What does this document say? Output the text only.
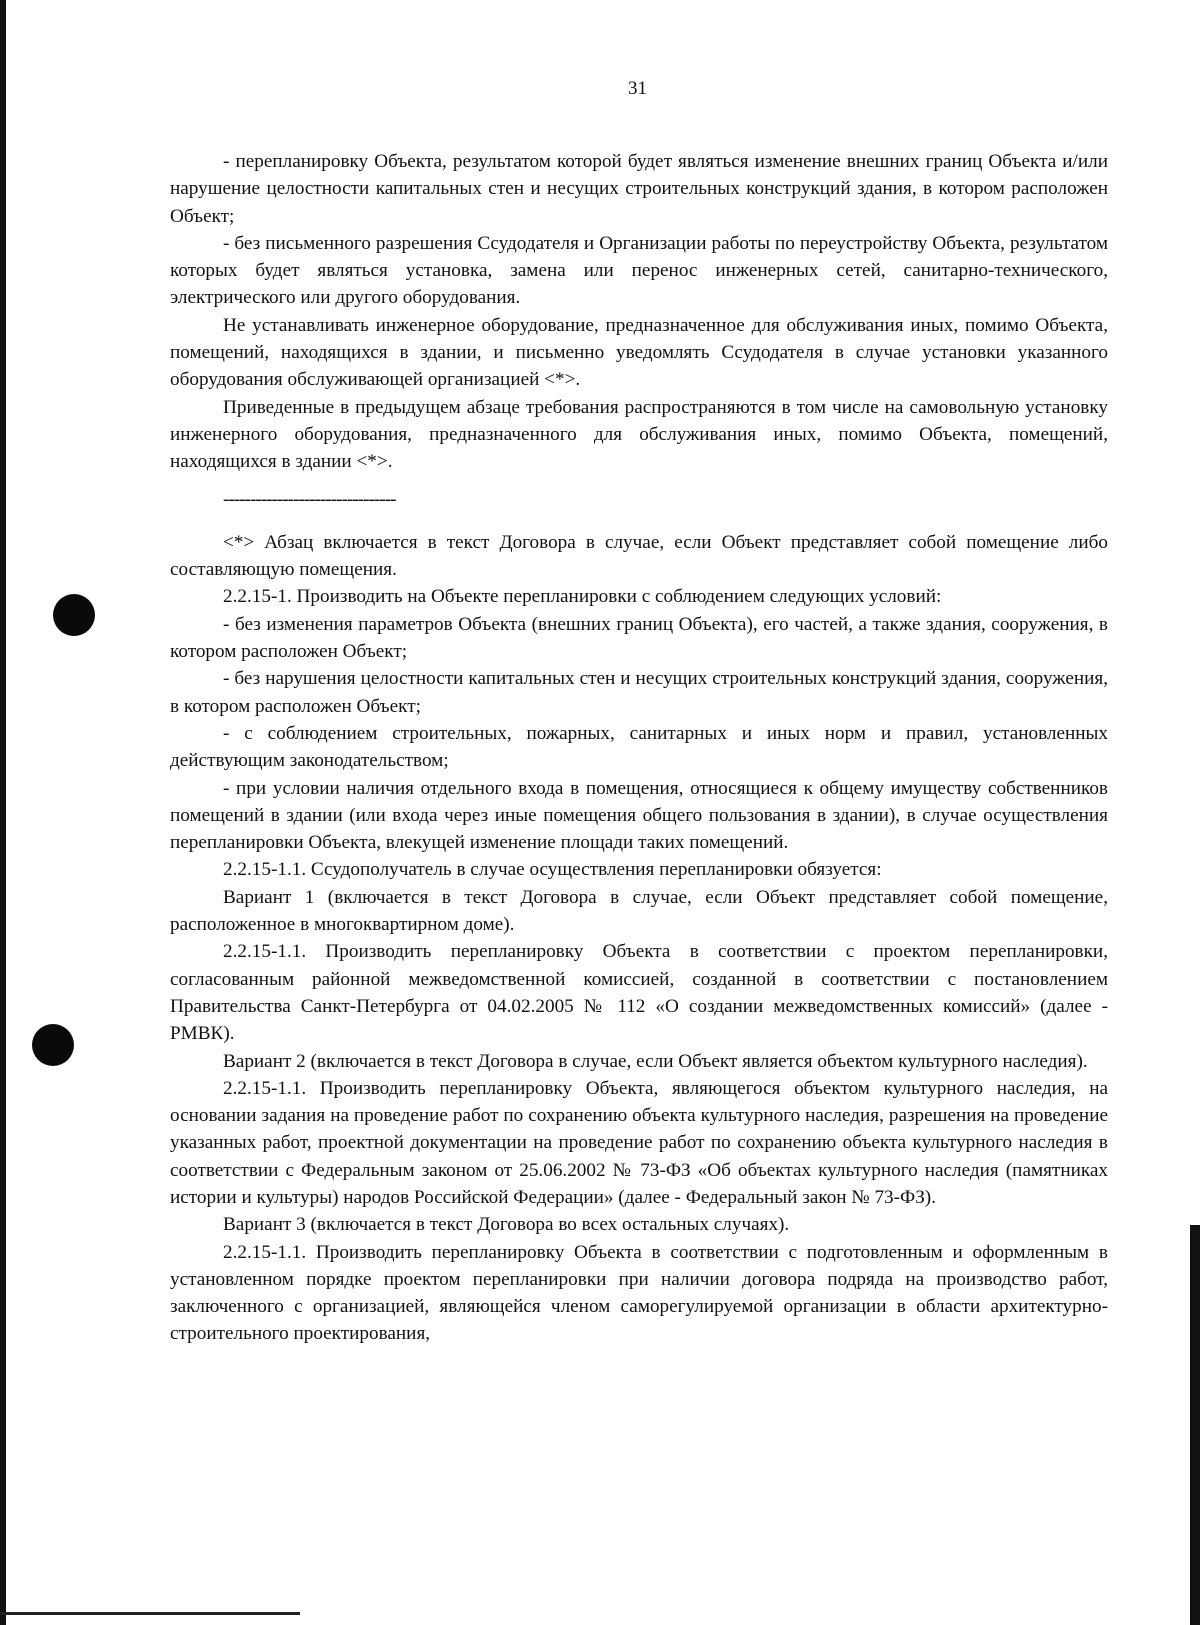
31

- перепланировку Объекта, результатом которой будет являться изменение внешних границ Объекта и/или нарушение целостности капитальных стен и несущих строительных конструкций здания, в котором расположен Объект;

- без письменного разрешения Ссудодателя и Организации работы по переустройству Объекта, результатом которых будет являться установка, замена или перенос инженерных сетей, санитарно-технического, электрического или другого оборудования.

Не устанавливать инженерное оборудование, предназначенное для обслуживания иных, помимо Объекта, помещений, находящихся в здании, и письменно уведомлять Ссудодателя в случае установки указанного оборудования обслуживающей организацией <*>.

Приведенные в предыдущем абзаце требования распространяются в том числе на самовольную установку инженерного оборудования, предназначенного для обслуживания иных, помимо Объекта, помещений, находящихся в здании <*>.

--------------------------------

<*> Абзац включается в текст Договора в случае, если Объект представляет собой помещение либо составляющую помещения.

2.2.15-1. Производить на Объекте перепланировки с соблюдением следующих условий:

- без изменения параметров Объекта (внешних границ Объекта), его частей, а также здания, сооружения, в котором расположен Объект;

- без нарушения целостности капитальных стен и несущих строительных конструкций здания, сооружения, в котором расположен Объект;

- с соблюдением строительных, пожарных, санитарных и иных норм и правил, установленных действующим законодательством;

- при условии наличия отдельного входа в помещения, относящиеся к общему имуществу собственников помещений в здании (или входа через иные помещения общего пользования в здании), в случае осуществления перепланировки Объекта, влекущей изменение площади таких помещений.

2.2.15-1.1. Ссудополучатель в случае осуществления перепланировки обязуется:

Вариант 1 (включается в текст Договора в случае, если Объект представляет собой помещение, расположенное в многоквартирном доме).

2.2.15-1.1. Производить перепланировку Объекта в соответствии с проектом перепланировки, согласованным районной межведомственной комиссией, созданной в соответствии с постановлением Правительства Санкт-Петербурга от 04.02.2005 № 112 «О создании межведомственных комиссий» (далее - РМВК).

Вариант 2 (включается в текст Договора в случае, если Объект является объектом культурного наследия).

2.2.15-1.1. Производить перепланировку Объекта, являющегося объектом культурного наследия, на основании задания на проведение работ по сохранению объекта культурного наследия, разрешения на проведение указанных работ, проектной документации на проведение работ по сохранению объекта культурного наследия в соответствии с Федеральным законом от 25.06.2002 № 73-ФЗ «Об объектах культурного наследия (памятниках истории и культуры) народов Российской Федерации» (далее - Федеральный закон № 73-ФЗ).

Вариант 3 (включается в текст Договора во всех остальных случаях).

2.2.15-1.1. Производить перепланировку Объекта в соответствии с подготовленным и оформленным в установленном порядке проектом перепланировки при наличии договора подряда на производство работ, заключенного с организацией, являющейся членом саморегулируемой организации в области архитектурно-строительного проектирования,
